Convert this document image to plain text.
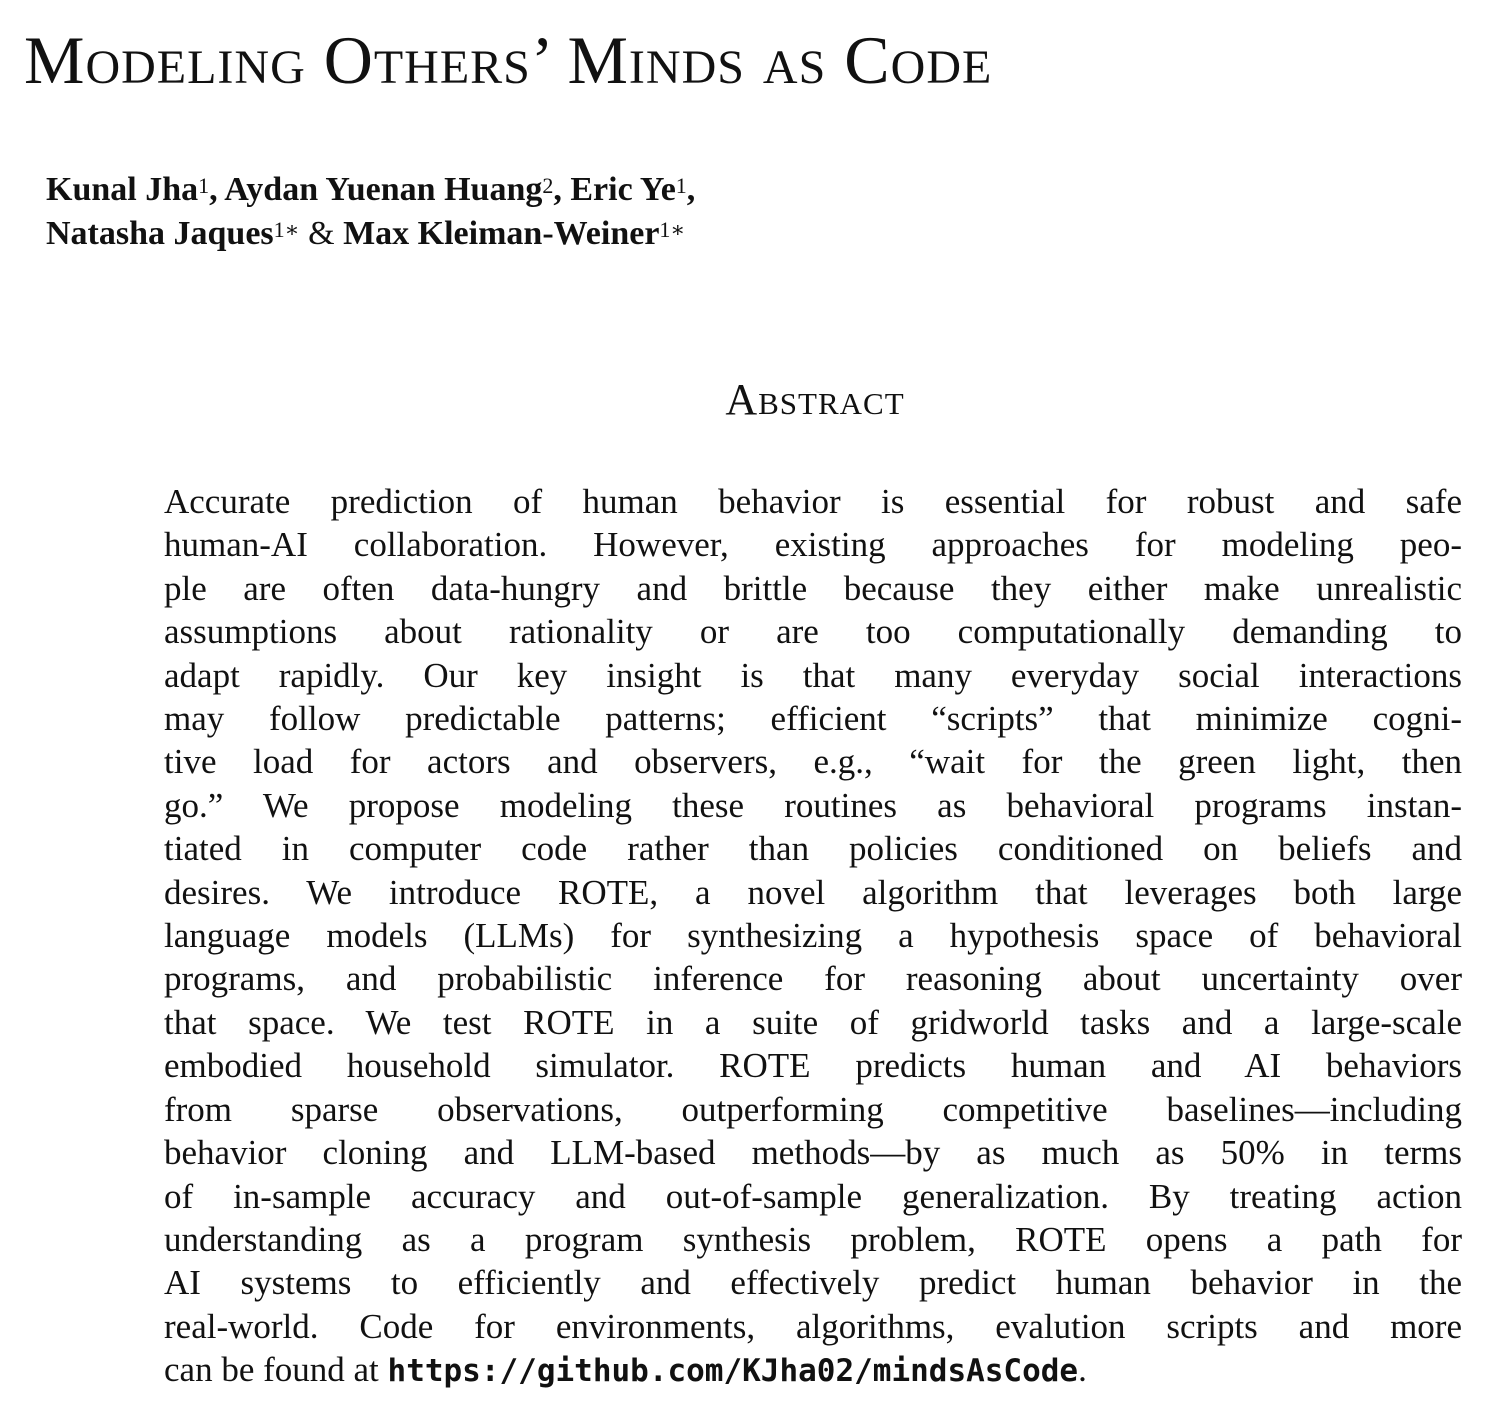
Modeling Others’ Minds as Code
Kunal Jha$^1$, Aydan Yuenan Huang$^2$, Eric Ye$^1$,
Natasha Jaques$^{1∗}$ & Max Kleiman-Weiner$^{1∗}$
Abstract
Accurate prediction of human behavior is essential for robust and safe
human-AI collaboration. However, existing approaches for modeling peo-
ple are often data-hungry and brittle because they either make unrealistic
assumptions about rationality or are too computationally demanding to
adapt rapidly. Our key insight is that many everyday social interactions
may follow predictable patterns; efficient “scripts” that minimize cogni-
tive load for actors and observers, e.g., “wait for the green light, then
go.” We propose modeling these routines as behavioral programs instan-
tiated in computer code rather than policies conditioned on beliefs and
desires. We introduce ROTE, a novel algorithm that leverages both large
language models (LLMs) for synthesizing a hypothesis space of behavioral
programs, and probabilistic inference for reasoning about uncertainty over
that space. We test ROTE in a suite of gridworld tasks and a large-scale
embodied household simulator. ROTE predicts human and AI behaviors
from sparse observations, outperforming competitive baselines—including
behavior cloning and LLM-based methods—by as much as 50% in terms
of in-sample accuracy and out-of-sample generalization. By treating action
understanding as a program synthesis problem, ROTE opens a path for
AI systems to efficiently and effectively predict human behavior in the
real-world. Code for environments, algorithms, evalution scripts and more
can be found at https://github.com/KJha02/mindsAsCode.
